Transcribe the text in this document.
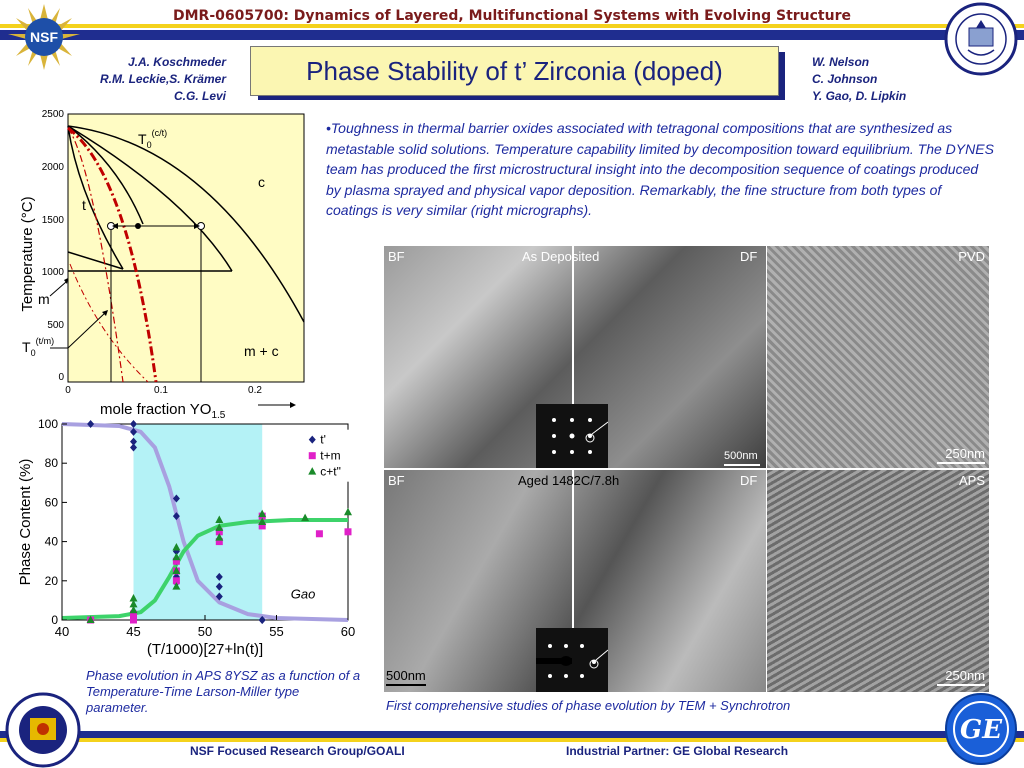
DMR-0605700: Dynamics of Layered, Multifunctional Systems with Evolving Structure
NSF
J.A. Koschmeder
R.M. Leckie,S. Krämer
C.G. Levi
W. Nelson
C. Johnson
Y. Gao, D. Lipkin
Phase Stability of t’ Zirconia (doped)
2500
2000
1500
1000
500
0
0	0.1	0.2
Temperature (°C)
mole fraction $YO_{1.5}$
c
t
m
m + c
$T_0^{(c/t)}$
$T_0^{(t/m)}$
40	45	50	55	60
0
20
40
60
80
100
(T/1000)[27+ln(t)]
Phase Content (%)
Gao
t'
t+m
c+t"
•Toughness in thermal barrier oxides associated with tetragonal compositions that are synthesized as metastable solid solutions. Temperature capability limited by decomposition toward equilibrium. The DYNES team has produced the first microstructural insight into the decomposition sequence of coatings produced by plasma sprayed and physical vapor deposition. Remarkably, the fine structure from both types of coatings is very similar (right micrographs).
BF	As Deposited	DF
500nm
PVD
250nm
BF	Aged 1482C/7.8h	DF
500nm
APS
250nm
Phase evolution in APS 8YSZ as a function of a Temperature-Time Larson-Miller type parameter.	First comprehensive studies of phase evolution by TEM + Synchrotron
NSF Focused Research Group/GOALI	Industrial Partner: GE Global Research
GE
